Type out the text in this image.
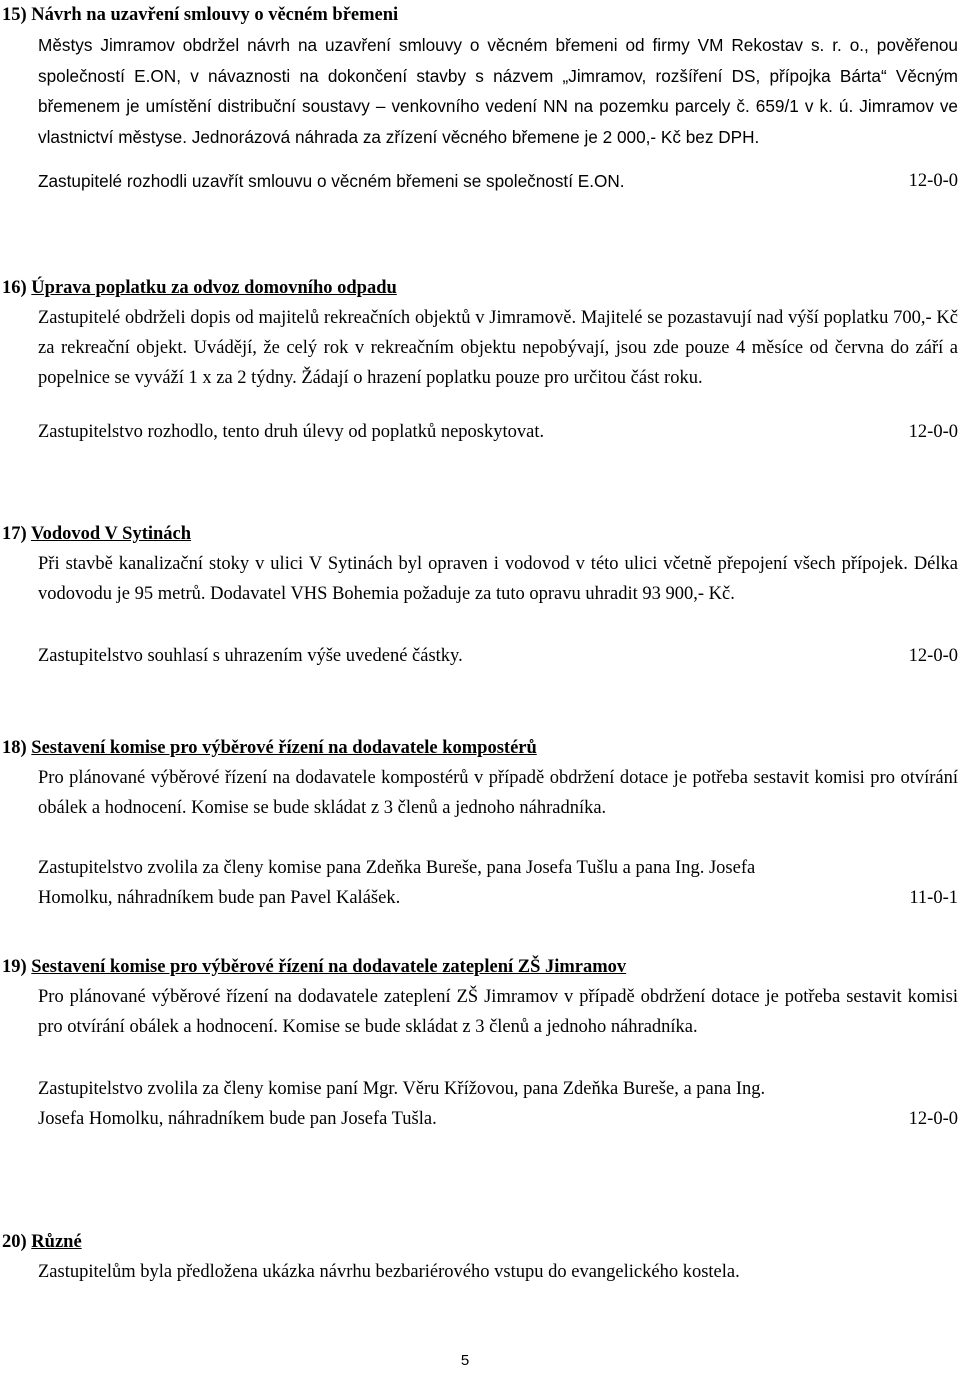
15) Návrh na uzavření smlouvy o věcném břemeni

Městys Jimramov obdržel návrh na uzavření smlouvy o věcném břemeni od firmy VM Rekostav s. r. o., pověřenou společností E.ON, v návaznosti na dokončení stavby s názvem „Jimramov, rozšíření DS, přípojka Bárta“ Věcným břemenem je umístění distribuční soustavy – venkovního vedení NN na pozemku parcely č. 659/1 v k. ú. Jimramov ve vlastnictví městyse. Jednorázová náhrada za zřízení věcného břemene je 2 000,- Kč bez DPH.

Zastupitelé rozhodli uzavřít smlouvu o věcném břemeni se společností E.ON.	12-0-0

16) Úprava poplatku za odvoz domovního odpadu

Zastupitelé obdrželi dopis od majitelů rekreačních objektů v Jimramově. Majitelé se pozastavují nad výší poplatku 700,- Kč za rekreační objekt. Uvádějí, že celý rok v rekreačním objektu nepobývají, jsou zde pouze 4 měsíce od června do září a popelnice se vyváží 1 x za 2 týdny. Žádají o hrazení poplatku pouze pro určitou část roku.

Zastupitelstvo rozhodlo, tento druh úlevy od poplatků neposkytovat.	12-0-0

17) Vodovod V Sytinách

Při stavbě kanalizační stoky v ulici V Sytinách byl opraven i vodovod v této ulici včetně přepojení všech přípojek. Délka vodovodu je 95 metrů. Dodavatel VHS Bohemia požaduje za tuto opravu uhradit 93 900,- Kč.

Zastupitelstvo souhlasí s uhrazením výše uvedené částky.	12-0-0

18) Sestavení komise pro výběrové řízení na dodavatele kompostérů

Pro plánované výběrové řízení na dodavatele kompostérů v případě obdržení dotace je potřeba sestavit komisi pro otvírání obálek a hodnocení. Komise se bude skládat z 3 členů a jednoho náhradníka.

Zastupitelstvo zvolila za členy komise pana Zdeňka Bureše, pana Josefa Tušlu a pana Ing. Josefa

Homolku, náhradníkem bude pan Pavel Kalášek.	11-0-1

19) Sestavení komise pro výběrové řízení na dodavatele zateplení ZŠ Jimramov

Pro plánované výběrové řízení na dodavatele zateplení ZŠ Jimramov v případě obdržení dotace je potřeba sestavit komisi pro otvírání obálek a hodnocení. Komise se bude skládat z 3 členů a jednoho náhradníka.

Zastupitelstvo zvolila za členy komise paní Mgr. Věru Křížovou, pana Zdeňka Bureše, a pana Ing.

Josefa Homolku, náhradníkem bude pan Josefa Tušla.	12-0-0

20) Různé

Zastupitelům byla předložena ukázka návrhu bezbariérového vstupu do evangelického kostela.

5
